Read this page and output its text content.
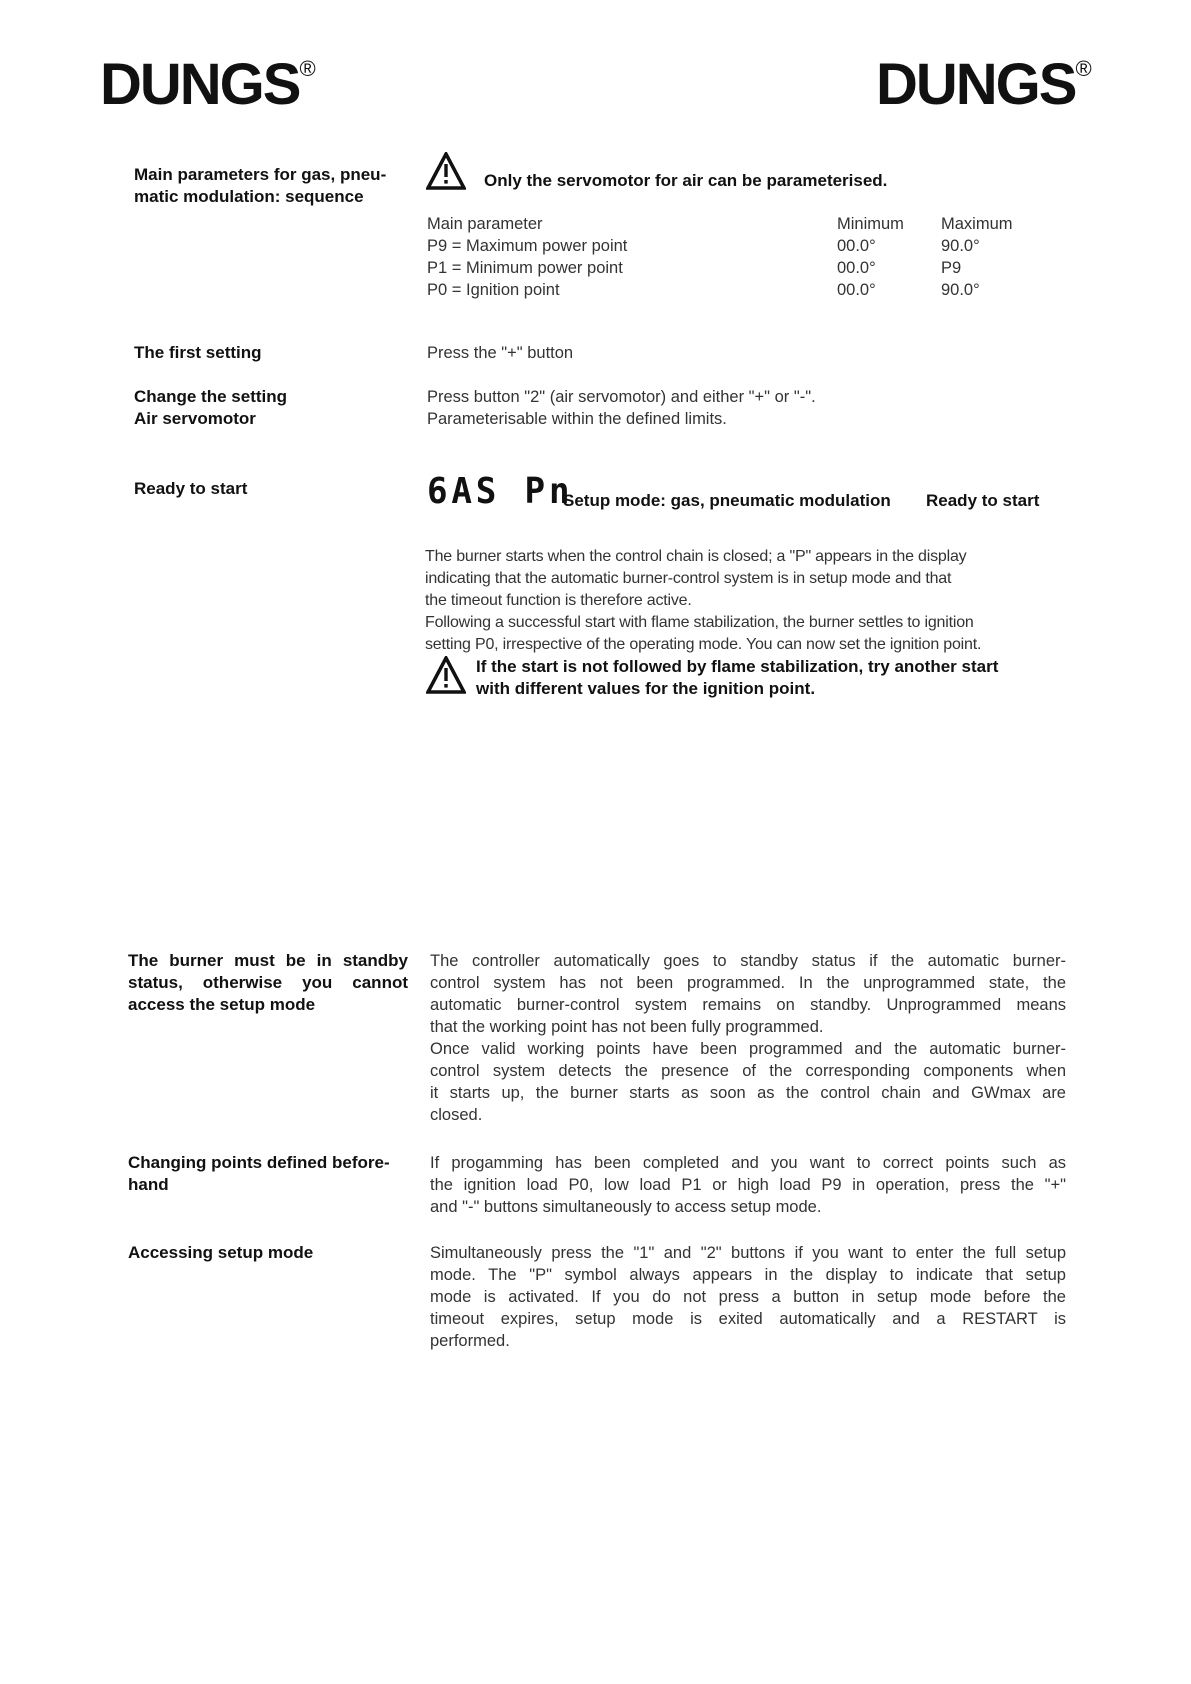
DUNGS®	DUNGS®
Main parameters for gas, pneu-
matic modulation: sequence
Only the servomotor for air can be parameterised.
Main parameter	Minimum Maximum
P9 = Maximum power point	00.0°	90.0°
P1 = Minimum power point	00.0°	P9
P0 = Ignition point	00.0°	90.0°
The first setting	Press the "+" button
Change the setting
Air servomotor
Press button "2" (air servomotor) and either "+" or "-".
Parameterisable within the defined limits.
Ready to start	6AS Pn
Setup mode: gas, pneumatic modulation Ready to start
The burner starts when the control chain is closed; a "P" appears in the display
indicating that the automatic burner-control system is in setup mode and that
the timeout function is therefore active.
Following a successful start with flame stabilization, the burner settles to ignition
setting P0, irrespective of the operating mode. You can now set the ignition point.
If the start is not followed by flame stabilization, try another start
with different values for the ignition point.
The burner must be in standby
status, otherwise you cannot
access the setup mode
The controller automatically goes to standby status if the automatic burner-
control system has not been programmed. In the unprogrammed state, the
automatic burner-control system remains on standby. Unprogrammed means
that the working point has not been fully programmed.
Once valid working points have been programmed and the automatic burner-
control system detects the presence of the corresponding components when
it starts up, the burner starts as soon as the control chain and GWmax are
closed.
Changing points defined before-
hand
If progamming has been completed and you want to correct points such as
the ignition load P0, low load P1 or high load P9 in operation, press the "+"
and "-" buttons simultaneously to access setup mode.
Accessing setup mode	Simultaneously press the "1" and "2" buttons if you want to enter the full setup
mode. The "P" symbol always appears in the display to indicate that setup
mode is activated. If you do not press a button in setup mode before the
timeout expires, setup mode is exited automatically and a RESTART is
performed.
